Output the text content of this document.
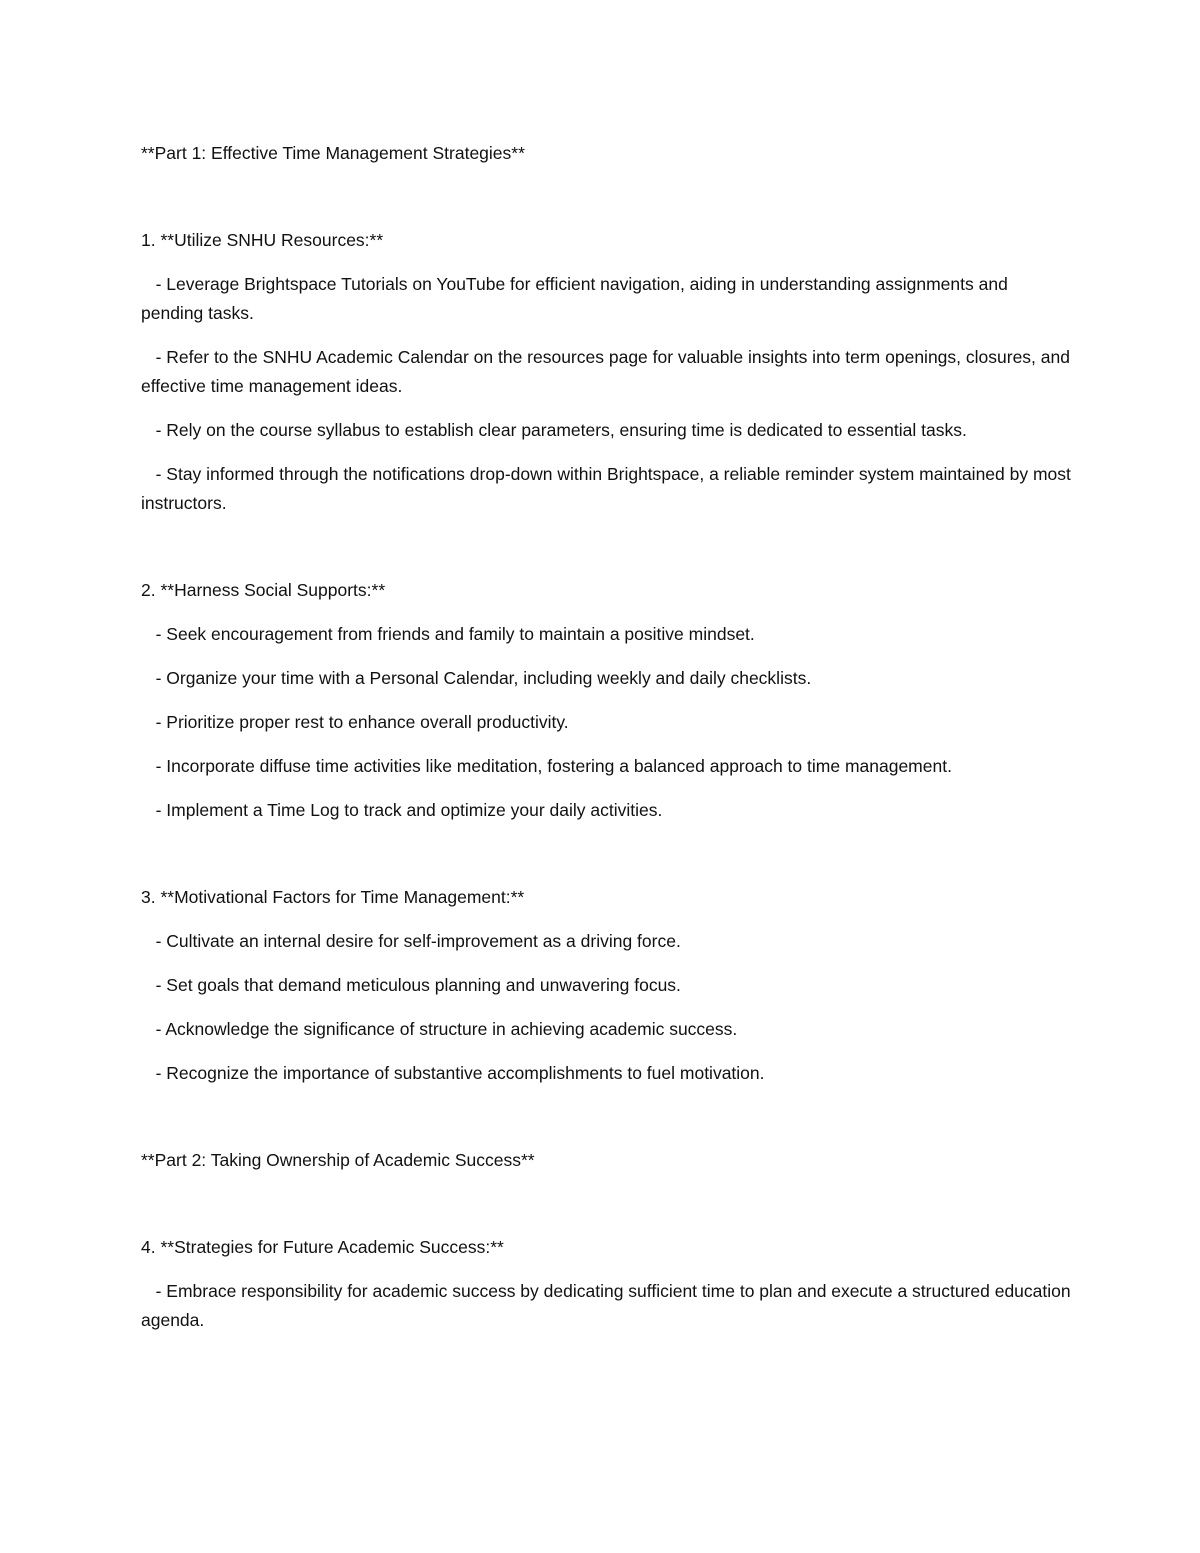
**Part 1: Effective Time Management Strategies**

1. **Utilize SNHU Resources:**

- Leverage Brightspace Tutorials on YouTube for efficient navigation, aiding in understanding assignments and pending tasks.

- Refer to the SNHU Academic Calendar on the resources page for valuable insights into term openings, closures, and effective time management ideas.

- Rely on the course syllabus to establish clear parameters, ensuring time is dedicated to essential tasks.

- Stay informed through the notifications drop-down within Brightspace, a reliable reminder system maintained by most instructors.

2. **Harness Social Supports:**

- Seek encouragement from friends and family to maintain a positive mindset.

- Organize your time with a Personal Calendar, including weekly and daily checklists.

- Prioritize proper rest to enhance overall productivity.

- Incorporate diffuse time activities like meditation, fostering a balanced approach to time management.

- Implement a Time Log to track and optimize your daily activities.

3. **Motivational Factors for Time Management:**

- Cultivate an internal desire for self-improvement as a driving force.

- Set goals that demand meticulous planning and unwavering focus.

- Acknowledge the significance of structure in achieving academic success.

- Recognize the importance of substantive accomplishments to fuel motivation.

**Part 2: Taking Ownership of Academic Success**

4. **Strategies for Future Academic Success:**

- Embrace responsibility for academic success by dedicating sufficient time to plan and execute a structured education agenda.
